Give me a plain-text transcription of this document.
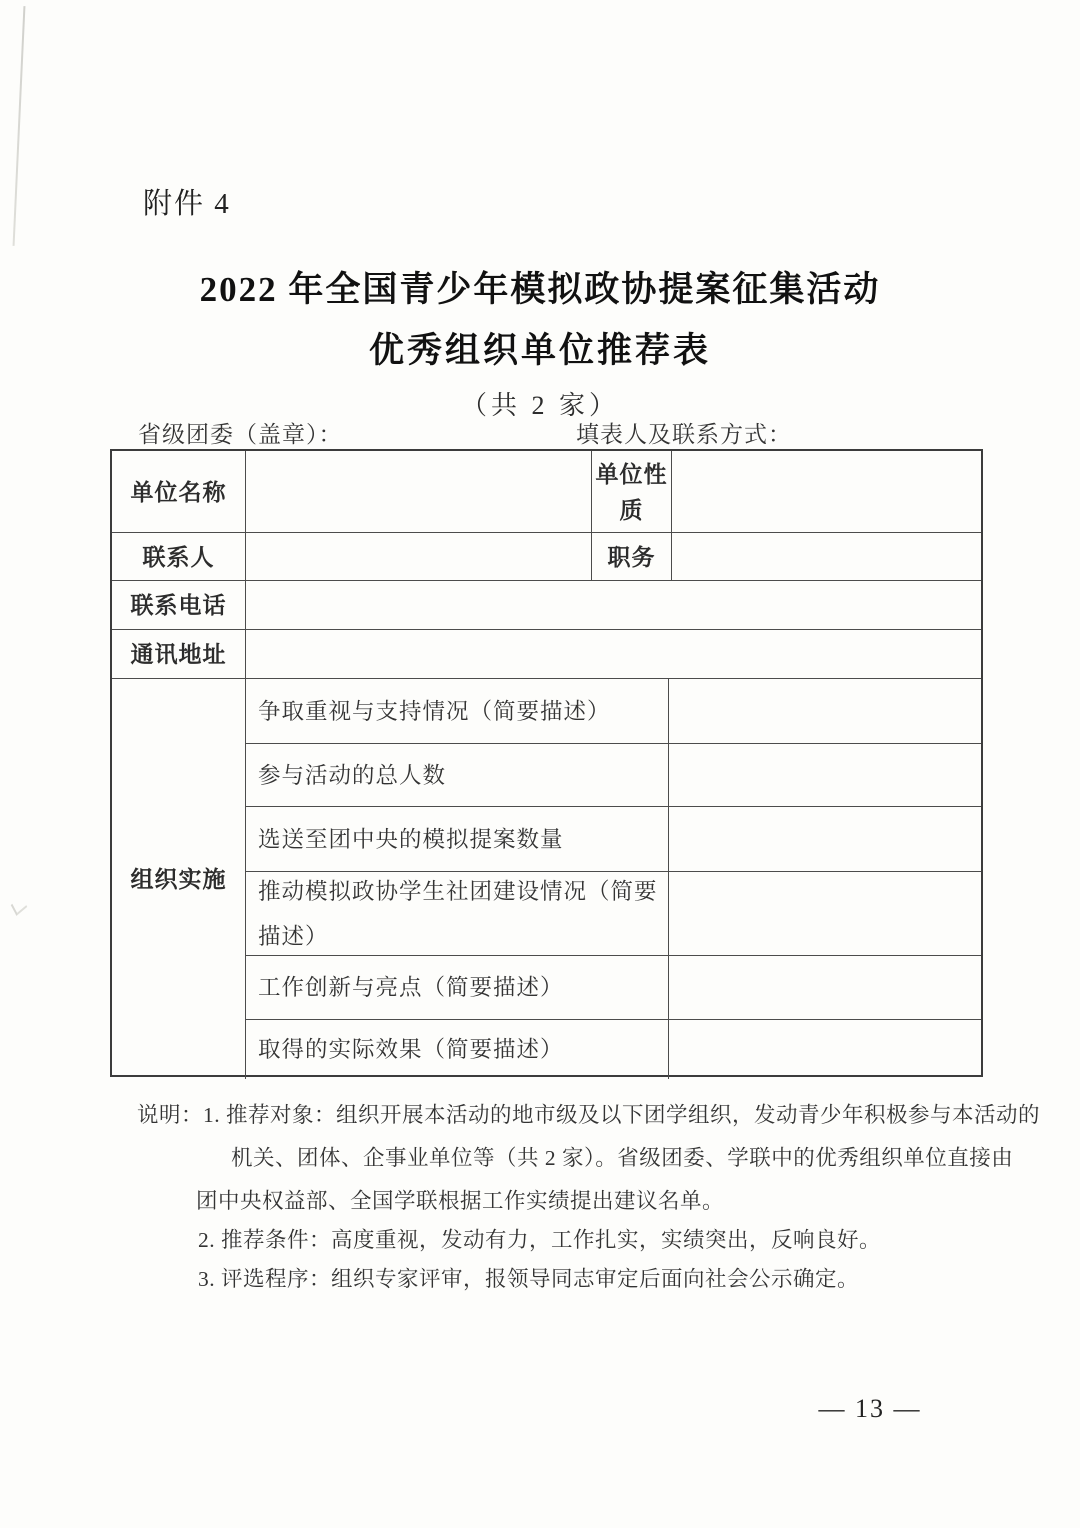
附件 4
2022 年全国青少年模拟政协提案征集活动
优秀组织单位推荐表
（共 2 家）
省级团委（盖章）：	填表人及联系方式：
单位名称
单位性质
联系人	职务
联系电话
通讯地址
组织实施
争取重视与支持情况（简要描述）
参与活动的总人数
选送至团中央的模拟提案数量
推动模拟政协学生社团建设情况（简要描述）
工作创新与亮点（简要描述）
取得的实际效果（简要描述）
说明：1. 推荐对象：组织开展本活动的地市级及以下团学组织，发动青少年积极参与本活动的
机关、团体、企事业单位等（共 2 家）。省级团委、学联中的优秀组织单位直接由
团中央权益部、全国学联根据工作实绩提出建议名单。
2. 推荐条件：高度重视，发动有力，工作扎实，实绩突出，反响良好。
3. 评选程序：组织专家评审，报领导同志审定后面向社会公示确定。
— 13 —
